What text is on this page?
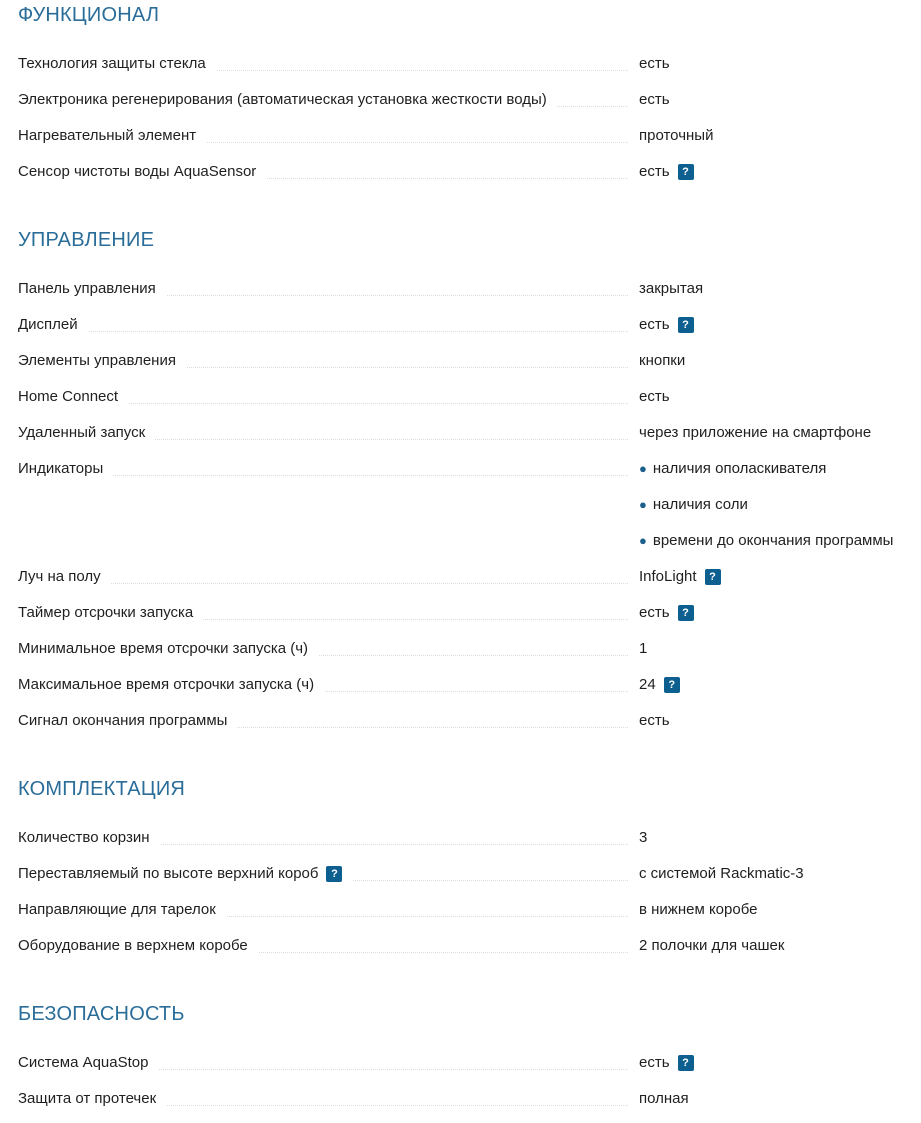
ФУНКЦИОНАЛ
Технология защиты стекла	есть
Электроника регенерирования (автоматическая установка жесткости воды)	есть
Нагревательный элемент	проточный
Сенсор чистоты воды AquaSensor	есть	?
УПРАВЛЕНИЕ
Панель управления	закрытая
Дисплей	есть	?
Элементы управления	кнопки
Home Connect	есть
Удаленный запуск	через приложение на смартфоне
Индикаторы	● наличия ополаскивателя
● наличия соли
● времени до окончания программы
Луч на полу	InfoLight	?
Таймер отсрочки запуска	есть	?
Минимальное время отсрочки запуска (ч)	1
Максимальное время отсрочки запуска (ч)	24	?
Сигнал окончания программы	есть
КОМПЛЕКТАЦИЯ
Количество корзин	3
Переставляемый по высоте верхний короб	?	с системой Rackmatic-3
Направляющие для тарелок	в нижнем коробе
Оборудование в верхнем коробе	2 полочки для чашек
БЕЗОПАСНОСТЬ
Система AquaStop	есть	?
Защита от протечек	полная
